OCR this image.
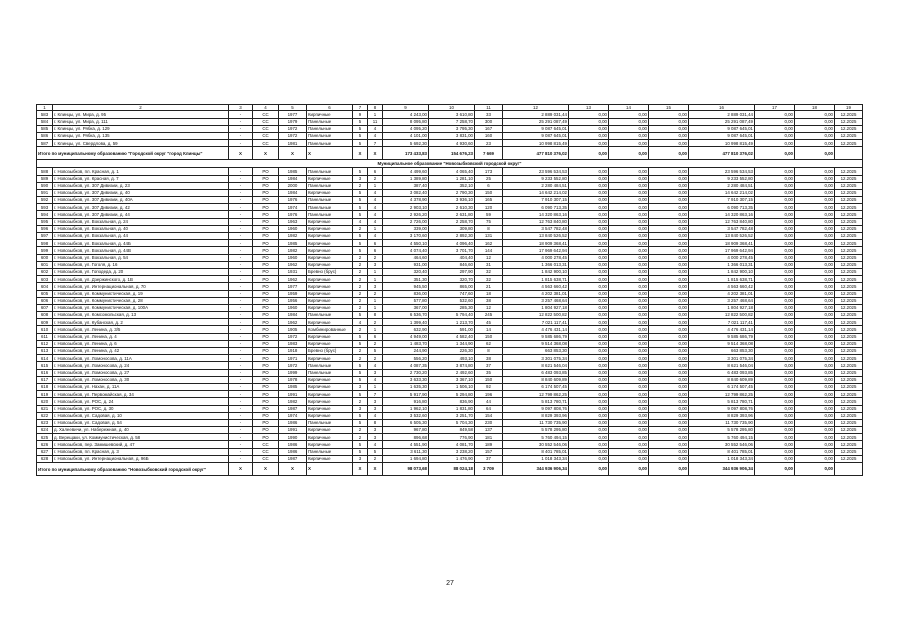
1	2	3	4	5	6	7	8	9	10	11	12	13	14	15	16	17	18	19
583	г. Клинцы, ул. Мира, д. 95	-	СС	1977	Кирпичные	9	1	4 243,00	3 610,80	33	2 889 031,44	0,00	0,00	0,00	2 889 031,44	0,00	0,00	12.2025
584	г. Клинцы, ул. Мира, д. 111	-	СС	1979	Панельные	5	11	8 095,80	7 258,70	300	25 291 087,49	0,00	0,00	0,00	25 291 087,49	0,00	0,00	12.2025
585	г. Клинцы, ул. Рябка, д. 129	-	СС	1972	Панельные	5	4	4 095,20	3 795,30	167	9 087 645,01	0,00	0,00	0,00	9 087 645,01	0,00	0,00	12.2025
586	г. Клинцы, ул. Рябка, д. 135	-	СС	1972	Панельные	5	4	4 101,00	3 831,00	160	9 087 645,01	0,00	0,00	0,00	9 087 645,01	0,00	0,00	12.2025
587	г. Клинцы, ул. Свердлова, д. 59	-	СС	1981	Панельные	5	7	5 692,30	4 930,60	23	10 998 815,49	0,00	0,00	0,00	10 998 815,49	0,00	0,00	12.2025
Итого по муниципальному образованию "Городской округ "город Клинцы"		X	X	X	X	X	X	173 433,83	154 676,23	7 669	477 810 376,02	0,00	0,00	0,00	477 810 376,02	0,00	0,00	
Муниципальное образование "Новозыбковский городской округ"																		
588	г. Новозыбков, пл. Красная, д. 1	-	РО	1985	Панельные	5	6	4 499,60	4 065,40	173	23 596 534,53	0,00	0,00	0,00	23 596 534,53	0,00	0,00	12.2025
589	г. Новозыбков, ул. Красная, д. 7	-	РО	1984	Кирпичные	3	2	1 389,80	1 281,10	25	9 233 552,80	0,00	0,00	0,00	9 233 552,80	0,00	0,00	12.2025
590	г. Новозыбков, ул. 307 Дивизии, д. 23	-	РО	2000	Панельные	2	1	387,40	352,10	6	2 280 484,51	0,00	0,00	0,00	2 280 484,51	0,00	0,00	12.2025
591	г. Новозыбков, ул. 307 Дивизии, д. 40	-	РО	1984	Кирпичные	5	4	3 082,40	2 790,30	150	14 642 214,02	0,00	0,00	0,00	14 642 214,02	0,00	0,00	12.2025
592	г. Новозыбков, ул. 307 Дивизии, д. 40А	-	РО	1976	Панельные	5	4	4 378,90	3 936,10	165	7 910 307,15	0,00	0,00	0,00	7 910 307,15	0,00	0,00	12.2025
593	г. Новозыбков, ул. 307 Дивизии, д. 42	-	РО	1974	Панельные	5	4	2 903,10	2 610,30	120	6 090 713,35	0,00	0,00	0,00	6 090 713,35	0,00	0,00	12.2025
594	г. Новозыбков, ул. 307 Дивизии, д. 44	-	РО	1976	Панельные	5	4	2 926,20	2 631,80	59	14 320 863,16	0,00	0,00	0,00	14 320 863,16	0,00	0,00	12.2025
595	г. Новозыбков, ул. Вокзальная, д. 24	-	РО	1963	Кирпичные	4	4	2 726,00	2 258,70	75	12 763 840,80	0,00	0,00	0,00	12 763 840,80	0,00	0,00	12.2025
596	г. Новозыбков, ул. Вокзальная, д. 40	-	РО	1960	Кирпичные	2	1	339,00	309,80	8	3 547 782,48	0,00	0,00	0,00	3 547 782,48	0,00	0,00	12.2025
597	г. Новозыбков, ул. Вокзальная, д. 44	-	РО	1982	Кирпичные	5	4	3 170,60	2 892,30	131	13 840 526,52	0,00	0,00	0,00	13 840 526,52	0,00	0,00	12.2025
598	г. Новозыбков, ул. Вокзальная, д. 44Б	-	РО	1985	Кирпичные	5	6	4 550,10	4 096,40	162	18 909 368,41	0,00	0,00	0,00	18 909 368,41	0,00	0,00	12.2025
599	г. Новозыбков, ул. Вокзальная, д. 44В	-	РО	1982	Кирпичные	5	6	4 074,40	3 701,70	144	17 969 642,94	0,00	0,00	0,00	17 969 642,94	0,00	0,00	12.2025
600	г. Новозыбков, ул. Вокзальная, д. 54	-	РО	1960	Кирпичные	2	2	464,60	404,40	12	4 000 278,45	0,00	0,00	0,00	4 000 278,45	0,00	0,00	12.2025
601	г. Новозыбков, ул. Гоголя, д. 16	-	РО	1962	Кирпичные	2	3	931,00	846,60	31	1 366 013,31	0,00	0,00	0,00	1 366 013,31	0,00	0,00	12.2025
602	г. Новозыбков, ул. Гоподеда, д. 20	-	РО	1931	Бревно (брус)	2	1	320,40	297,90	32	1 842 900,10	0,00	0,00	0,00	1 842 900,10	0,00	0,00	12.2025
603	г. Новозыбков, ул. Дзержинского, д. 1В	-	РО	1962	Кирпичные	2	1	351,30	320,70	32	1 815 638,71	0,00	0,00	0,00	1 815 638,71	0,00	0,00	12.2025
604	г. Новозыбков, ул. Интернациональная, д. 70	-	РО	1977	Кирпичные	2	3	945,50	865,00	21	4 563 660,42	0,00	0,00	0,00	4 563 660,42	0,00	0,00	12.2025
605	г. Новозыбков, ул. Коммунистическая, д. 19	-	РО	1959	Кирпичные	2	2	836,00	747,60	18	4 202 381,01	0,00	0,00	0,00	4 202 381,01	0,00	0,00	12.2025
606	г. Новозыбков, ул. Коммунистическая, д. 28	-	РО	1956	Кирпичные	2	1	577,80	532,60	38	3 257 468,64	0,00	0,00	0,00	3 257 468,64	0,00	0,00	12.2025
607	г. Новозыбков, ул. Коммунистическая, д. 100А	-	РО	1960	Кирпичные	2	1	367,00	285,30	12	1 804 927,18	0,00	0,00	0,00	1 804 927,18	0,00	0,00	12.2025
608	г. Новозыбков, ул. Комсомольская, д. 13	-	РО	1984	Панельные	5	8	6 536,70	5 794,40	245	12 822 500,82	0,00	0,00	0,00	12 822 500,82	0,00	0,00	12.2025
609	г. Новозыбков, ул. Кубанская, д. 2	-	РО	1962	Кирпичные	4	2	1 399,40	1 213,70	45	7 021 117,41	0,00	0,00	0,00	7 021 117,41	0,00	0,00	12.2025
610	г. Новозыбков, ул. Ленина, д. 3/5	-	РО	1905	Комбинированные	2	1	632,90	591,00	14	4 476 431,14	0,00	0,00	0,00	4 476 431,14	0,00	0,00	12.2025
611	г. Новозыбков, ул. Ленина, д. 4	-	РО	1972	Кирпичные	5	6	4 949,00	4 582,40	150	9 585 686,79	0,00	0,00	0,00	9 585 686,79	0,00	0,00	12.2025
612	г. Новозыбков, ул. Ленина, д. 6	-	РО	1983	Кирпичные	5	2	1 483,70	1 344,90	62	9 514 368,08	0,00	0,00	0,00	9 514 368,08	0,00	0,00	12.2025
613	г. Новозыбков, ул. Ленина, д. 42	-	РО	1918	Бревно (брус)	2	5	244,90	226,30	8	663 853,30	0,00	0,00	0,00	663 853,30	0,00	0,00	12.2025
614	г. Новозыбков, ул. Ломоносова, д. 11А	-	РО	1971	Кирпичные	2	2	556,20	493,10	38	3 301 075,34	0,00	0,00	0,00	3 301 075,34	0,00	0,00	12.2025
615	г. Новозыбков, ул. Ломоносова, д. 24	-	РО	1972	Панельные	5	4	4 087,35	3 874,80	37	8 621 546,04	0,00	0,00	0,00	8 621 546,04	0,00	0,00	12.2025
616	г. Новозыбков, ул. Ломоносова, д. 27	-	РО	1999	Панельные	5	3	2 730,20	2 492,60	35	6 483 093,85	0,00	0,00	0,00	6 483 093,85	0,00	0,00	12.2025
617	г. Новозыбков, ул. Ломоносова, д. 30	-	РО	1978	Кирпичные	5	4	3 633,30	3 367,10	150	8 840 609,89	0,00	0,00	0,00	8 840 609,89	0,00	0,00	12.2025
618	г. Новозыбков, ул. Нахан, д. 11А	-	РО	1985	Кирпичные	3	1	1 635,30	1 506,10	92	6 174 507,45	0,00	0,00	0,00	6 174 507,45	0,00	0,00	12.2025
619	г. Новозыбков, ул. Первомайская, д. 34	-	РО	1991	Кирпичные	5	7	5 917,90	5 294,80	196	12 799 862,25	0,00	0,00	0,00	12 799 862,25	0,00	0,00	12.2025
620	г. Новозыбков, ул. РОС, д. 24	-	РО	1982	Кирпичные	2	3	916,80	836,90	44	5 813 780,71	0,00	0,00	0,00	5 813 780,71	0,00	0,00	12.2025
621	г. Новозыбков, ул. РОС, д. 30	-	РО	1987	Кирпичные	3	3	1 962,10	1 831,80	64	9 097 808,76	0,00	0,00	0,00	9 097 808,76	0,00	0,00	12.2025
622	г. Новозыбков, ул. Садовая, д. 10	-	РО	1974	Кирпичные	5	4	3 532,60	3 251,70	154	8 829 393,96	0,00	0,00	0,00	8 829 393,96	0,00	0,00	12.2025
623	г. Новозыбков, ул. Садовая, д. 54	-	РО	1986	Панельные	5	8	6 505,30	5 704,30	230	11 730 735,90	0,00	0,00	0,00	11 730 735,90	0,00	0,00	12.2025
624	д. Халеевичи, ул. Набережная, д. 40	-	РО	1991	Кирпичные	2	3	967,80	849,58	137	5 578 295,80	0,00	0,00	0,00	5 578 295,80	0,00	0,00	12.2025
625	д. Верещаки, ул. Коммунистическая, д. 58	-	РО	1990	Кирпичные	2	3	896,68	776,90	181	5 760 494,15	0,00	0,00	0,00	5 760 494,15	0,00	0,00	12.2025
626	г. Новозыбков, пер. Замишевский, д. 47	-	СС	1986	Кирпичные	5	4	4 551,90	4 081,70	189	30 552 546,06	0,00	0,00	0,00	30 552 546,06	0,00	0,00	12.2025
627	г. Новозыбков, пл. Красная, д. 3	-	СС	1986	Панельные	5	5	3 611,30	3 238,20	157	8 401 785,01	0,00	0,00	0,00	8 401 785,01	0,00	0,00	12.2025
628	г. Новозыбков, ул. Интернациональная, д. 96Б	-	СС	1987	Кирпичные	3	2	1 694,80	1 476,90	37	1 018 343,34	0,00	0,00	0,00	1 018 343,34	0,00	0,00	12.2025
Итого по муниципальному образованию "Новозыбковский городской округ"		X	X	X	X	X	X	98 073,68	88 024,18	3 709	344 936 906,34	0,00	0,00	0,00	344 936 906,34	0,00	0,00	
27
